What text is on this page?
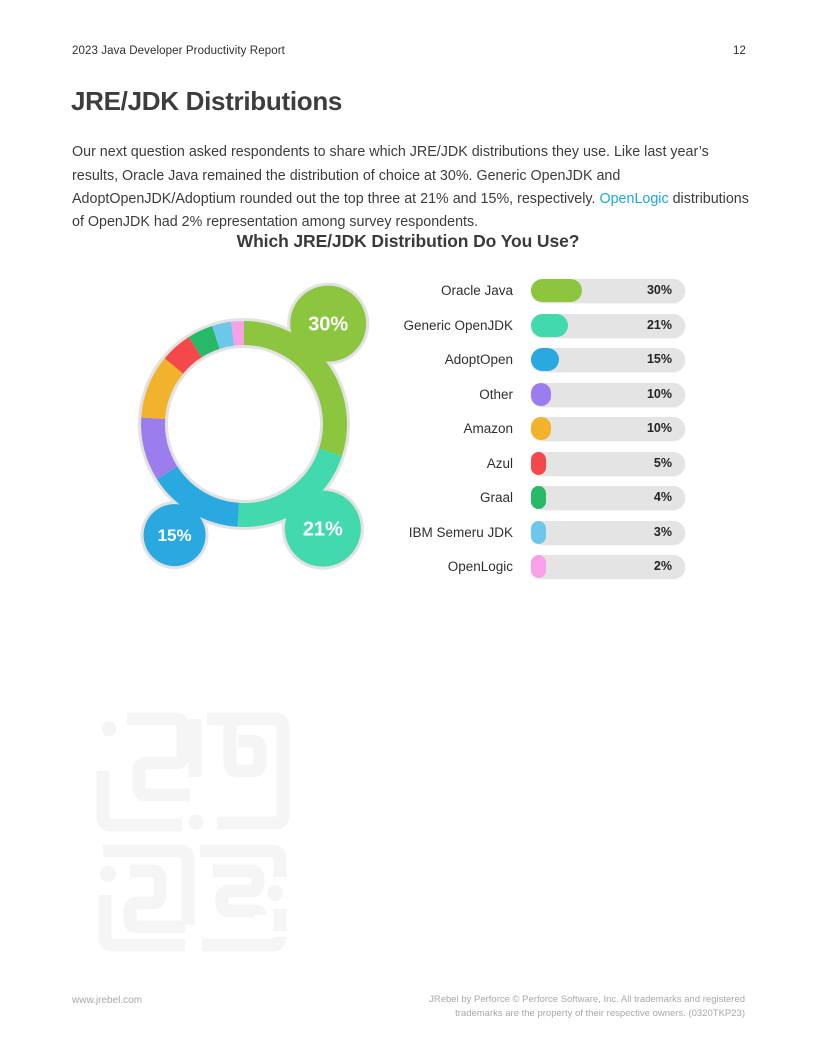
2023 Java Developer Productivity Report	12
JRE/JDK Distributions

Our next question asked respondents to share which JRE/JDK distributions they use. Like last year’s results, Oracle Java remained the distribution of choice at 30%. Generic OpenJDK and AdoptOpenJDK/Adoptium rounded out the top three at 21% and 15%, respectively. OpenLogic distributions of OpenJDK had 2% representation among survey respondents.

Which JRE/JDK Distribution Do You Use?
30%
21%
15%
Oracle Java	30%
Generic OpenJDK	21%
AdoptOpen	15%
Other	10%
Amazon	10%
Azul	5%
Graal	4%
IBM Semeru JDK	3%
OpenLogic	2%
www.jrebel.com	JRebel by Perforce © Perforce Software, Inc. All trademarks and registered
trademarks are the property of their respective owners. (0320TKP23)
